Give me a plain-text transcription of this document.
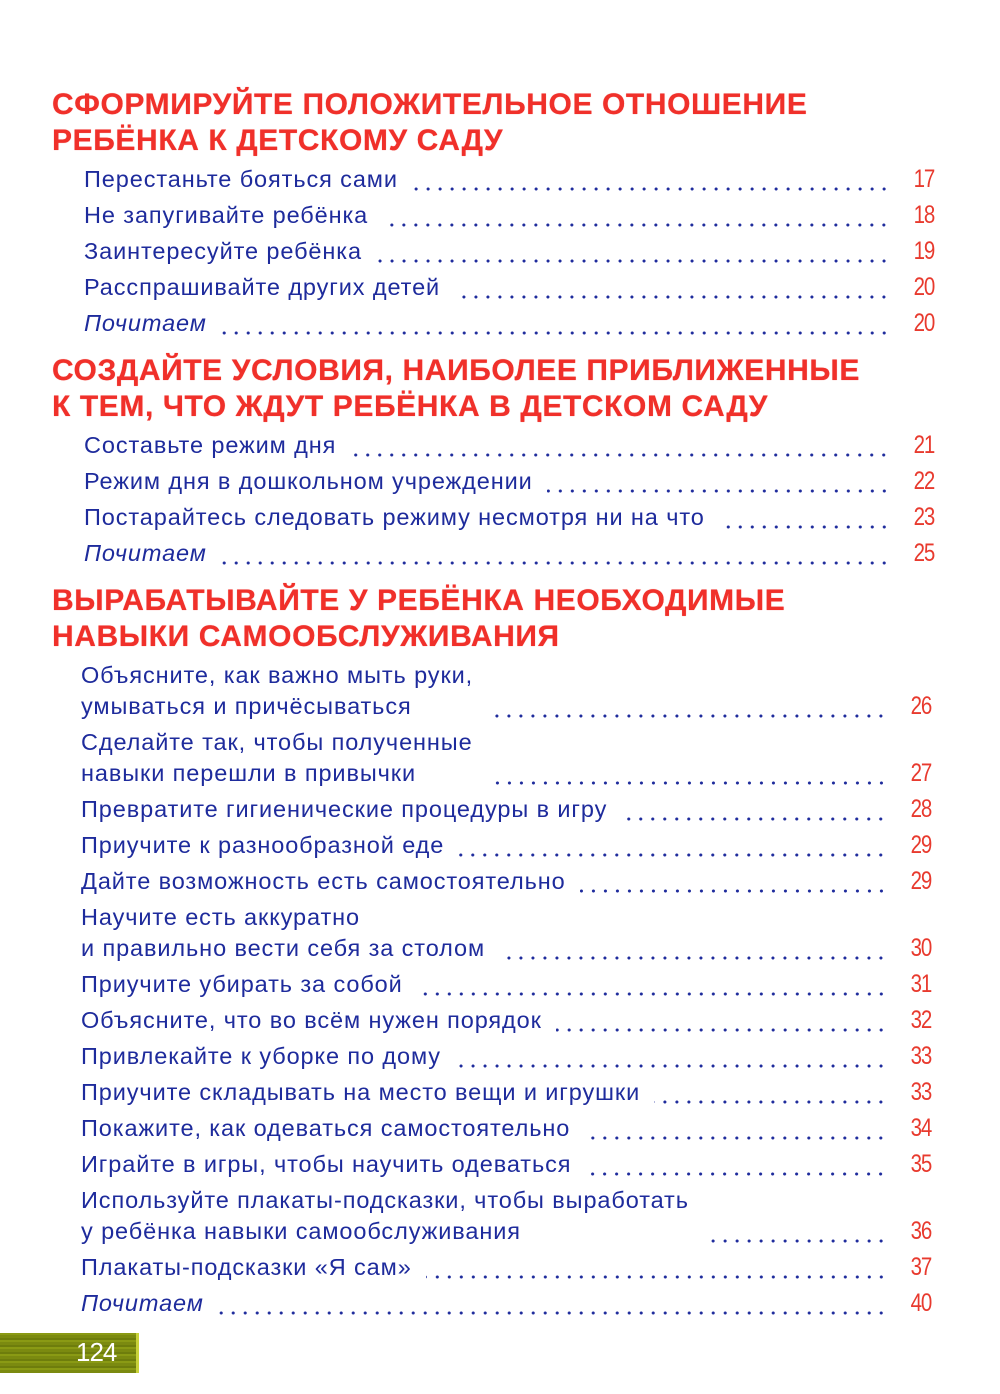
СФОРМИРУЙТЕ ПОЛОЖИТЕЛЬНОЕ ОТНОШЕНИЕ
РЕБЁНКА К ДЕТСКОМУ САДУ
Перестаньте бояться сами	17
Не запугивайте ребёнка	18
Заинтересуйте ребёнка	19
Расспрашивайте других детей	20
Почитаем	20
СОЗДАЙТЕ УСЛОВИЯ, НАИБОЛЕЕ ПРИБЛИЖЕННЫЕ
К ТЕМ, ЧТО ЖДУТ РЕБЁНКА В ДЕТСКОМ САДУ
Составьте режим дня	21
Режим дня в дошкольном учреждении	22
Постарайтесь следовать режиму несмотря ни на что	23
Почитаем	25
ВЫРАБАТЫВАЙТЕ У РЕБЁНКА НЕОБХОДИМЫЕ
НАВЫКИ САМООБСЛУЖИВАНИЯ
Объясните, как важно мыть руки,
умываться и причёсываться	26
Сделайте так, чтобы полученные
навыки перешли в привычки	27
Превратите гигиенические процедуры в игру	28
Приучите к разнообразной еде	29
Дайте возможность есть самостоятельно	29
Научите есть аккуратно
и правильно вести себя за столом	30
Приучите убирать за собой	31
Объясните, что во всём нужен порядок	32
Привлекайте к уборке по дому	33
Приучите складывать на место вещи и игрушки	33
Покажите, как одеваться самостоятельно	34
Играйте в игры, чтобы научить одеваться	35
Используйте плакаты-подсказки, чтобы выработать
у ребёнка навыки самообслуживания	36
Плакаты-подсказки «Я сам»	37
Почитаем	40
124
